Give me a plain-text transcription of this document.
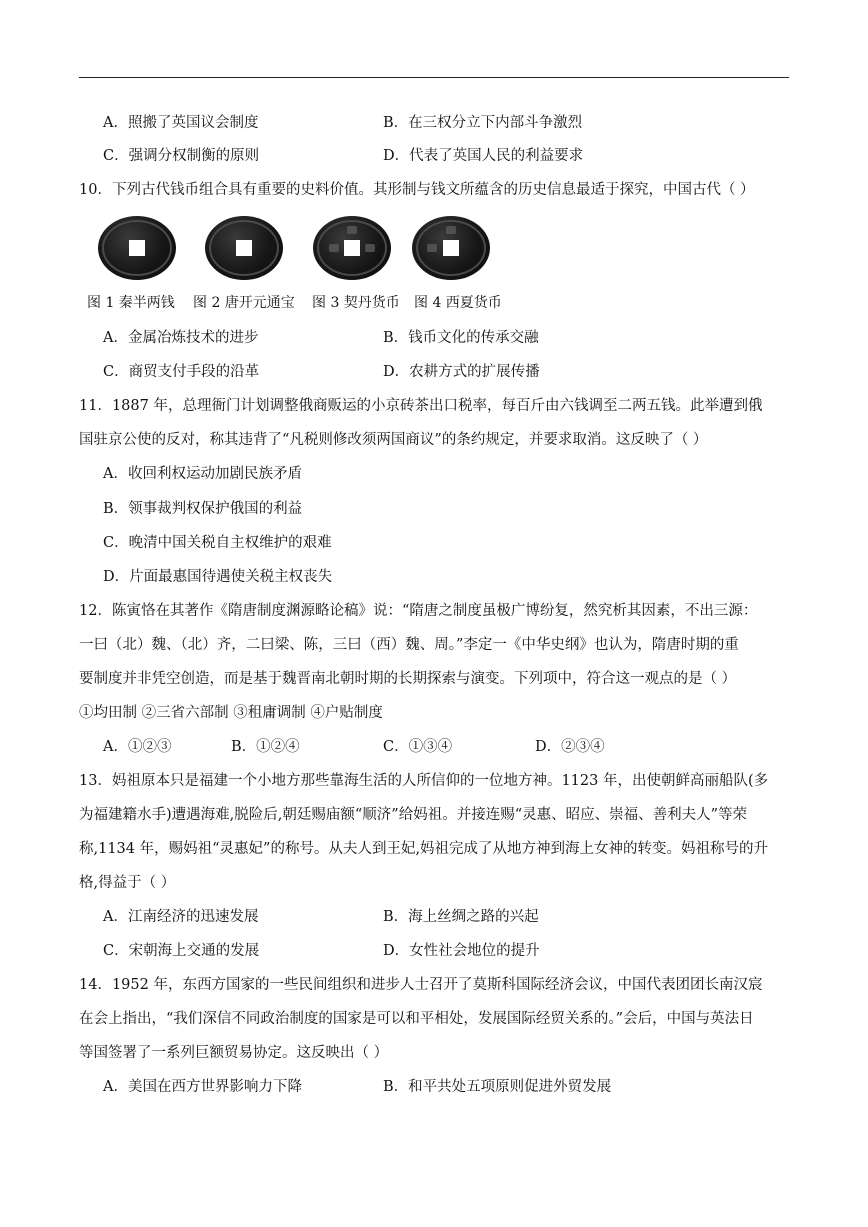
A．照搬了英国议会制度	B．在三权分立下内部斗争激烈
C．强调分权制衡的原则	D．代表了英国人民的利益要求
10．下列古代钱币组合具有重要的史料价值。其形制与钱文所蕴含的历史信息最适于探究，中国古代（ ）
图 1 秦半两钱 图 2 唐开元通宝 图 3 契丹货币 图 4 西夏货币
A．金属冶炼技术的进步	B．钱币文化的传承交融
C．商贸支付手段的沿革	D．农耕方式的扩展传播
11．1887 年，总理衙门计划调整俄商贩运的小京砖茶出口税率，每百斤由六钱调至二两五钱。此举遭到俄
国驻京公使的反对，称其违背了“凡税则修改须两国商议”的条约规定，并要求取消。这反映了（ ）
A．收回利权运动加剧民族矛盾
B．领事裁判权保护俄国的利益
C．晚清中国关税自主权维护的艰难
D．片面最惠国待遇使关税主权丧失
12．陈寅恪在其著作《隋唐制度渊源略论稿》说：“隋唐之制度虽极广博纷复，然究析其因素，不出三源：
一曰（北）魏、（北）齐，二曰梁、陈，三曰（西）魏、周。”李定一《中华史纲》也认为，隋唐时期的重
要制度并非凭空创造，而是基于魏晋南北朝时期的长期探索与演变。下列项中，符合这一观点的是（ ）
①均田制 ②三省六部制 ③租庸调制 ④户贴制度
A．①②③	B．①②④	C．①③④	D．②③④
13．妈祖原本只是福建一个小地方那些靠海生活的人所信仰的一位地方神。1123 年，出使朝鲜高丽船队(多
为福建籍水手)遭遇海难,脱险后,朝廷赐庙额“顺济”给妈祖。并接连赐“灵惠、昭应、崇福、善利夫人”等荣
称,1134 年，赐妈祖“灵惠妃”的称号。从夫人到王妃,妈祖完成了从地方神到海上女神的转变。妈祖称号的升
格,得益于（ ）
A．江南经济的迅速发展	B．海上丝绸之路的兴起
C．宋朝海上交通的发展	D．女性社会地位的提升
14．1952 年，东西方国家的一些民间组织和进步人士召开了莫斯科国际经济会议，中国代表团团长南汉宸
在会上指出，“我们深信不同政治制度的国家是可以和平相处，发展国际经贸关系的。”会后，中国与英法日
等国签署了一系列巨额贸易协定。这反映出（ ）
A．美国在西方世界影响力下降	B．和平共处五项原则促进外贸发展
